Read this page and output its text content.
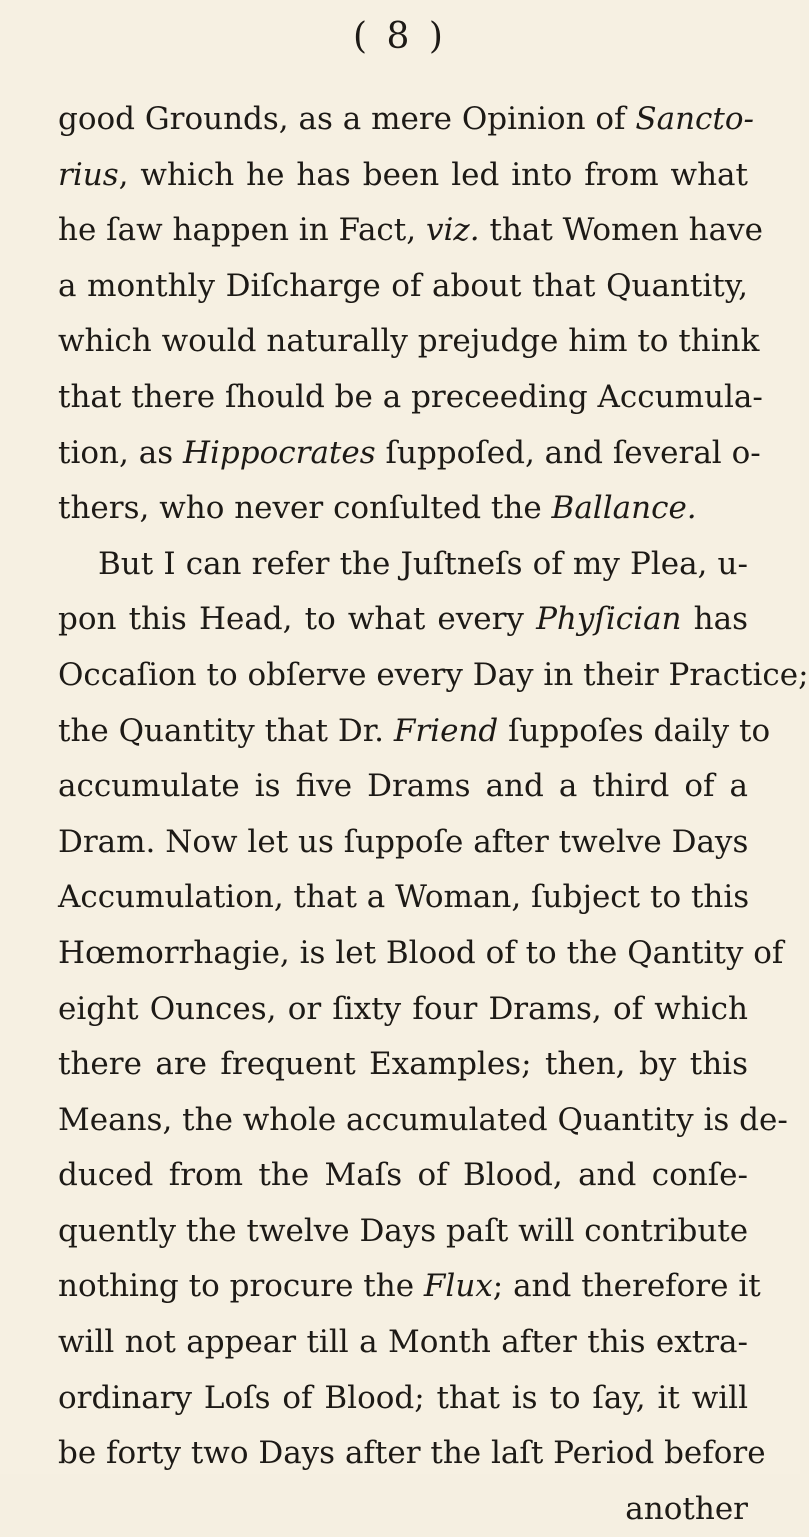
( 8 )
good Grounds, as a mere Opinion of Sancto-
rius, which he has been led into from what
he ſaw happen in Fact, viz. that Women have
a monthly Diſcharge of about that Quantity,
which would naturally prejudge him to think
that there ſhould be a preceeding Accumula-
tion, as Hippocrates ſuppoſed, and ſeveral o-
thers, who never conſulted the Ballance.
But I can refer the Juſtneſs of my Plea, u-
pon this Head, to what every Phyſician has
Occaſion to obſerve every Day in their Practice;
the Quantity that Dr. Friend ſuppoſes daily to
accumulate is five Drams and a third of a
Dram. Now let us ſuppoſe after twelve Days
Accumulation, that a Woman, ſubject to this
Hœmorrhagie, is let Blood of to the Qantity of
eight Ounces, or ſixty four Drams, of which
there are frequent Examples; then, by this
Means, the whole accumulated Quantity is de-
duced from the Maſs of Blood, and conſe-
quently the twelve Days paſt will contribute
nothing to procure the Flux; and therefore it
will not appear till a Month after this extra-
ordinary Loſs of Blood; that is to ſay, it will
be forty two Days after the laſt Period before
another
